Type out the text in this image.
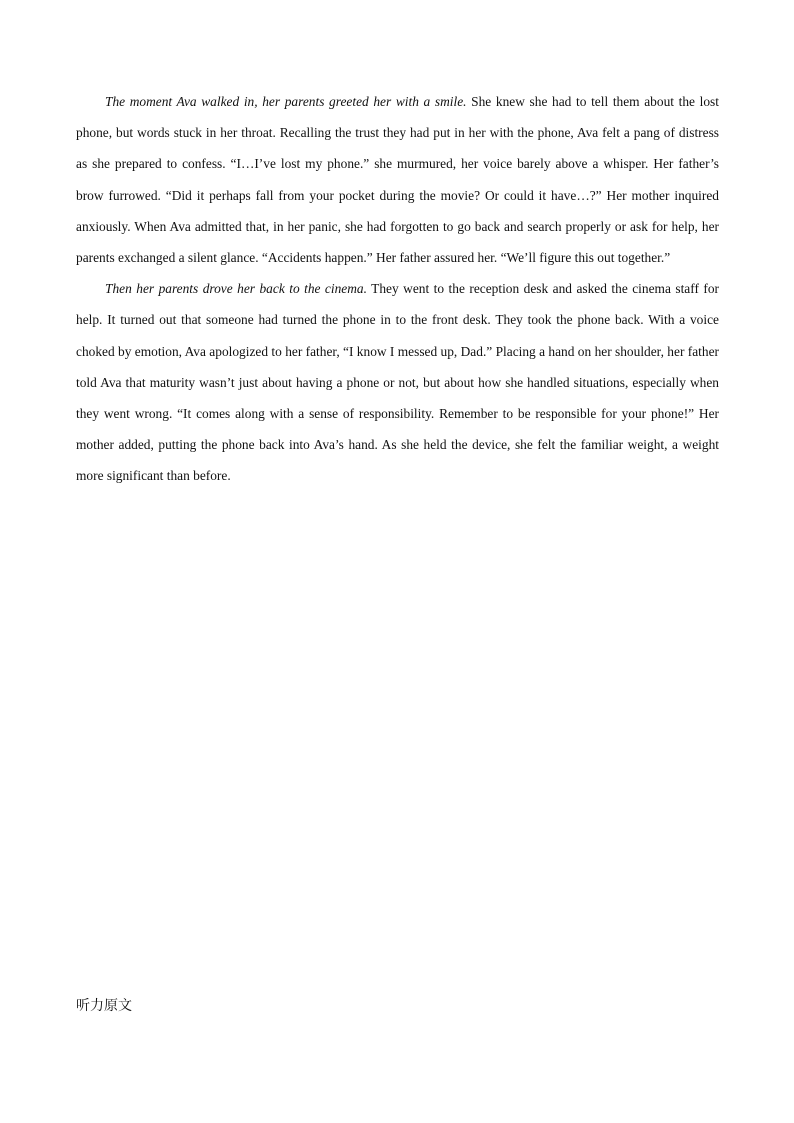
The moment Ava walked in, her parents greeted her with a smile. She knew she had to tell them about the lost phone, but words stuck in her throat. Recalling the trust they had put in her with the phone, Ava felt a pang of distress as she prepared to confess. “I…I’ve lost my phone.” she murmured, her voice barely above a whisper. Her father’s brow furrowed. “Did it perhaps fall from your pocket during the movie? Or could it have…?” Her mother inquired anxiously. When Ava admitted that, in her panic, she had forgotten to go back and search properly or ask for help, her parents exchanged a silent glance. “Accidents happen.” Her father assured her. “We’ll figure this out together.”

Then her parents drove her back to the cinema. They went to the reception desk and asked the cinema staff for help. It turned out that someone had turned the phone in to the front desk. They took the phone back. With a voice choked by emotion, Ava apologized to her father, “I know I messed up, Dad.” Placing a hand on her shoulder, her father told Ava that maturity wasn’t just about having a phone or not, but about how she handled situations, especially when they went wrong. “It comes along with a sense of responsibility. Remember to be responsible for your phone!” Her mother added, putting the phone back into Ava’s hand. As she held the device, she felt the familiar weight, a weight more significant than before.

听力原文
